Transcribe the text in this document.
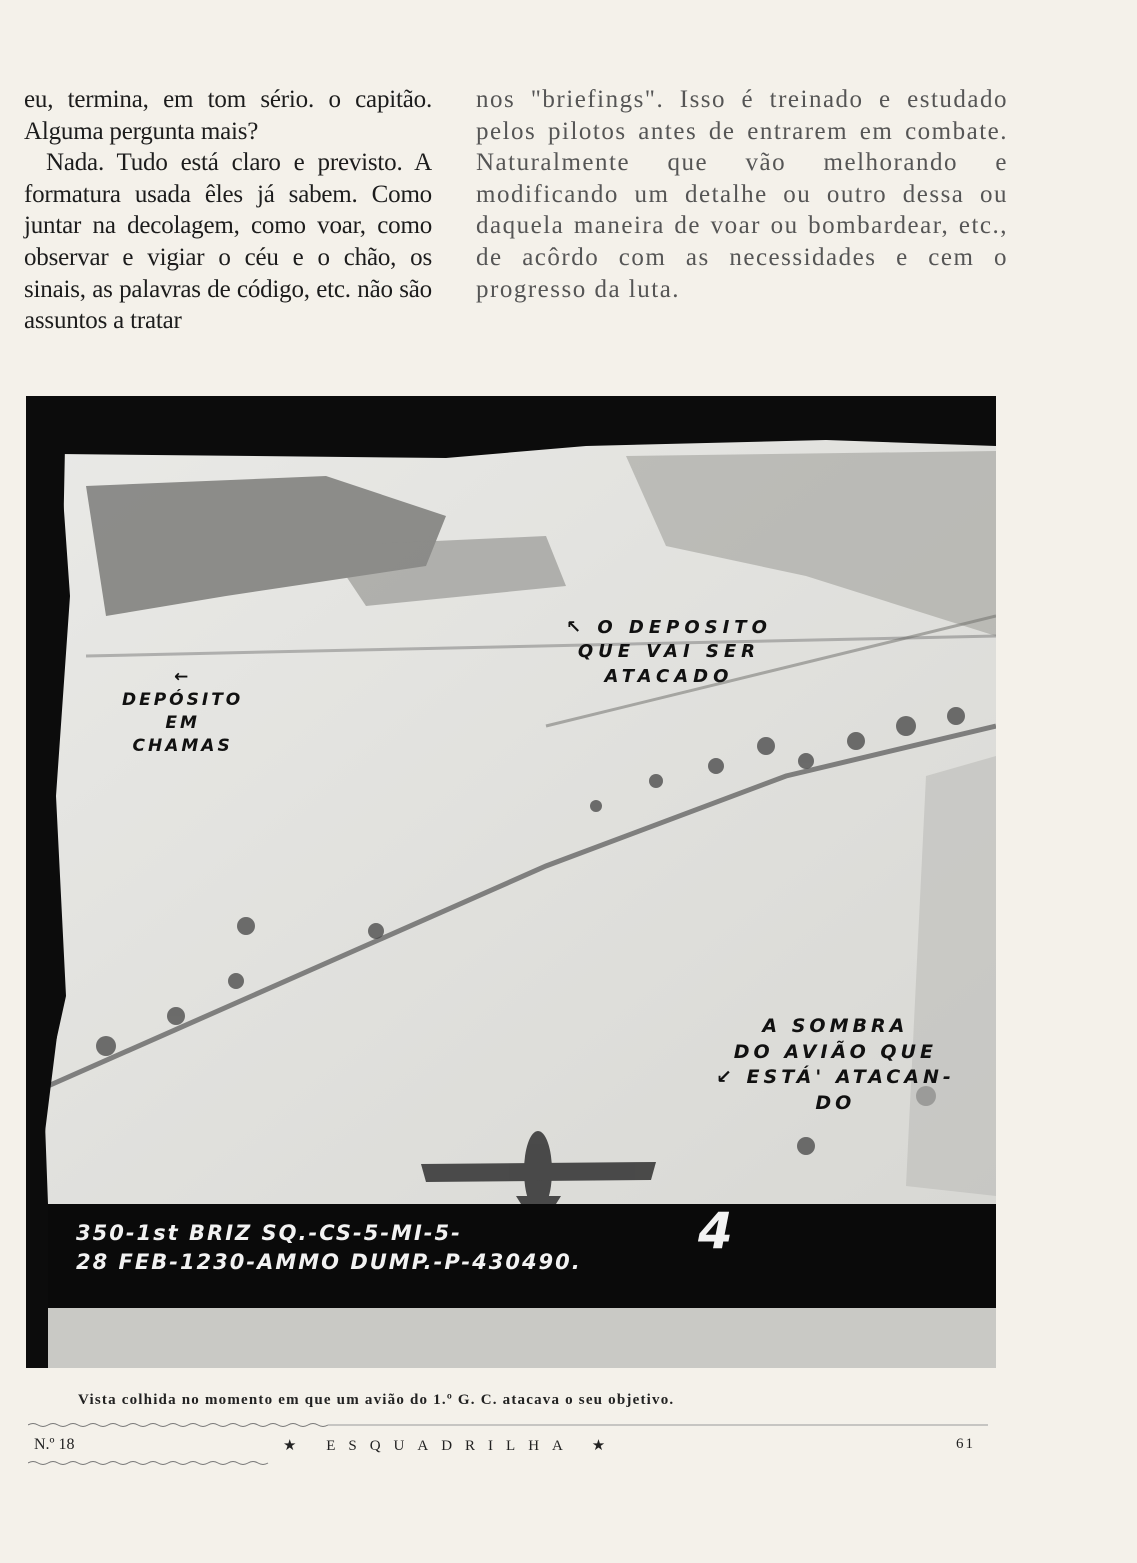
eu, termina, em tom sério. o capitão. Alguma pergunta mais?

Nada. Tudo está claro e previsto. A formatura usada êles já sabem. Como juntar na decolagem, como voar, como observar e vigiar o céu e o chão, os sinais, as palavras de código, etc. não são assuntos a tratar

nos "briefings". Isso é treinado e estudado pelos pilotos antes de entrarem em combate. Naturalmente que vão melhorando e modificando um detalhe ou outro dessa ou daquela maneira de voar ou bombardear, etc., de acôrdo com as necessidades e cem o progresso da luta.

←
DEPÓSITO
EM
CHAMAS
↖ O DEPOSITO
QUE VAI SER
ATACADO
A SOMBRA
DO AVIÃO QUE
↙ ESTÁ' ATACAN-
DO
350-1st BRIZ SQ.-CS-5-MI-5-
28 FEB-1230-AMMO DUMP.-P-430490.
4
Vista colhida no momento em que um avião do 1.º G. C. atacava o seu objetivo.
N.º 18	★ ESQUADRILHA ★	61
